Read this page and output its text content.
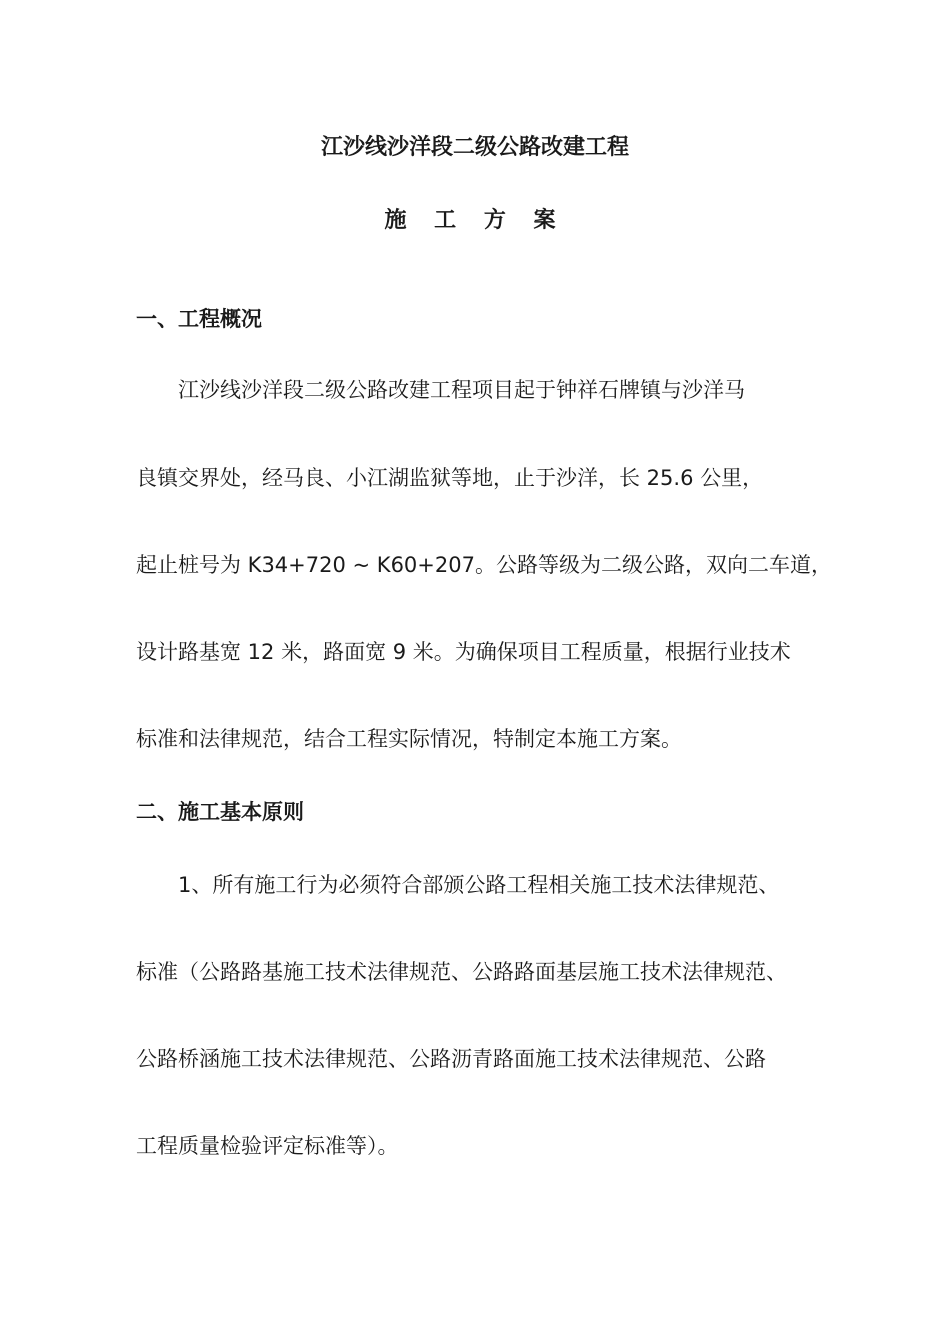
江沙线沙洋段二级公路改建工程
施 工 方 案
一、工程概况
江沙线沙洋段二级公路改建工程项目起于钟祥石牌镇与沙洋马
良镇交界处，经马良、小江湖监狱等地，止于沙洋，长 25.6 公里，
起止桩号为 K34+720 ~ K60+207。公路等级为二级公路，双向二车道，
设计路基宽 12 米，路面宽 9 米。为确保项目工程质量，根据行业技术
标准和法律规范，结合工程实际情况，特制定本施工方案。
二、施工基本原则
1、所有施工行为必须符合部颁公路工程相关施工技术法律规范、
标准（公路路基施工技术法律规范、公路路面基层施工技术法律规范、
公路桥涵施工技术法律规范、公路沥青路面施工技术法律规范、公路
工程质量检验评定标准等）。
